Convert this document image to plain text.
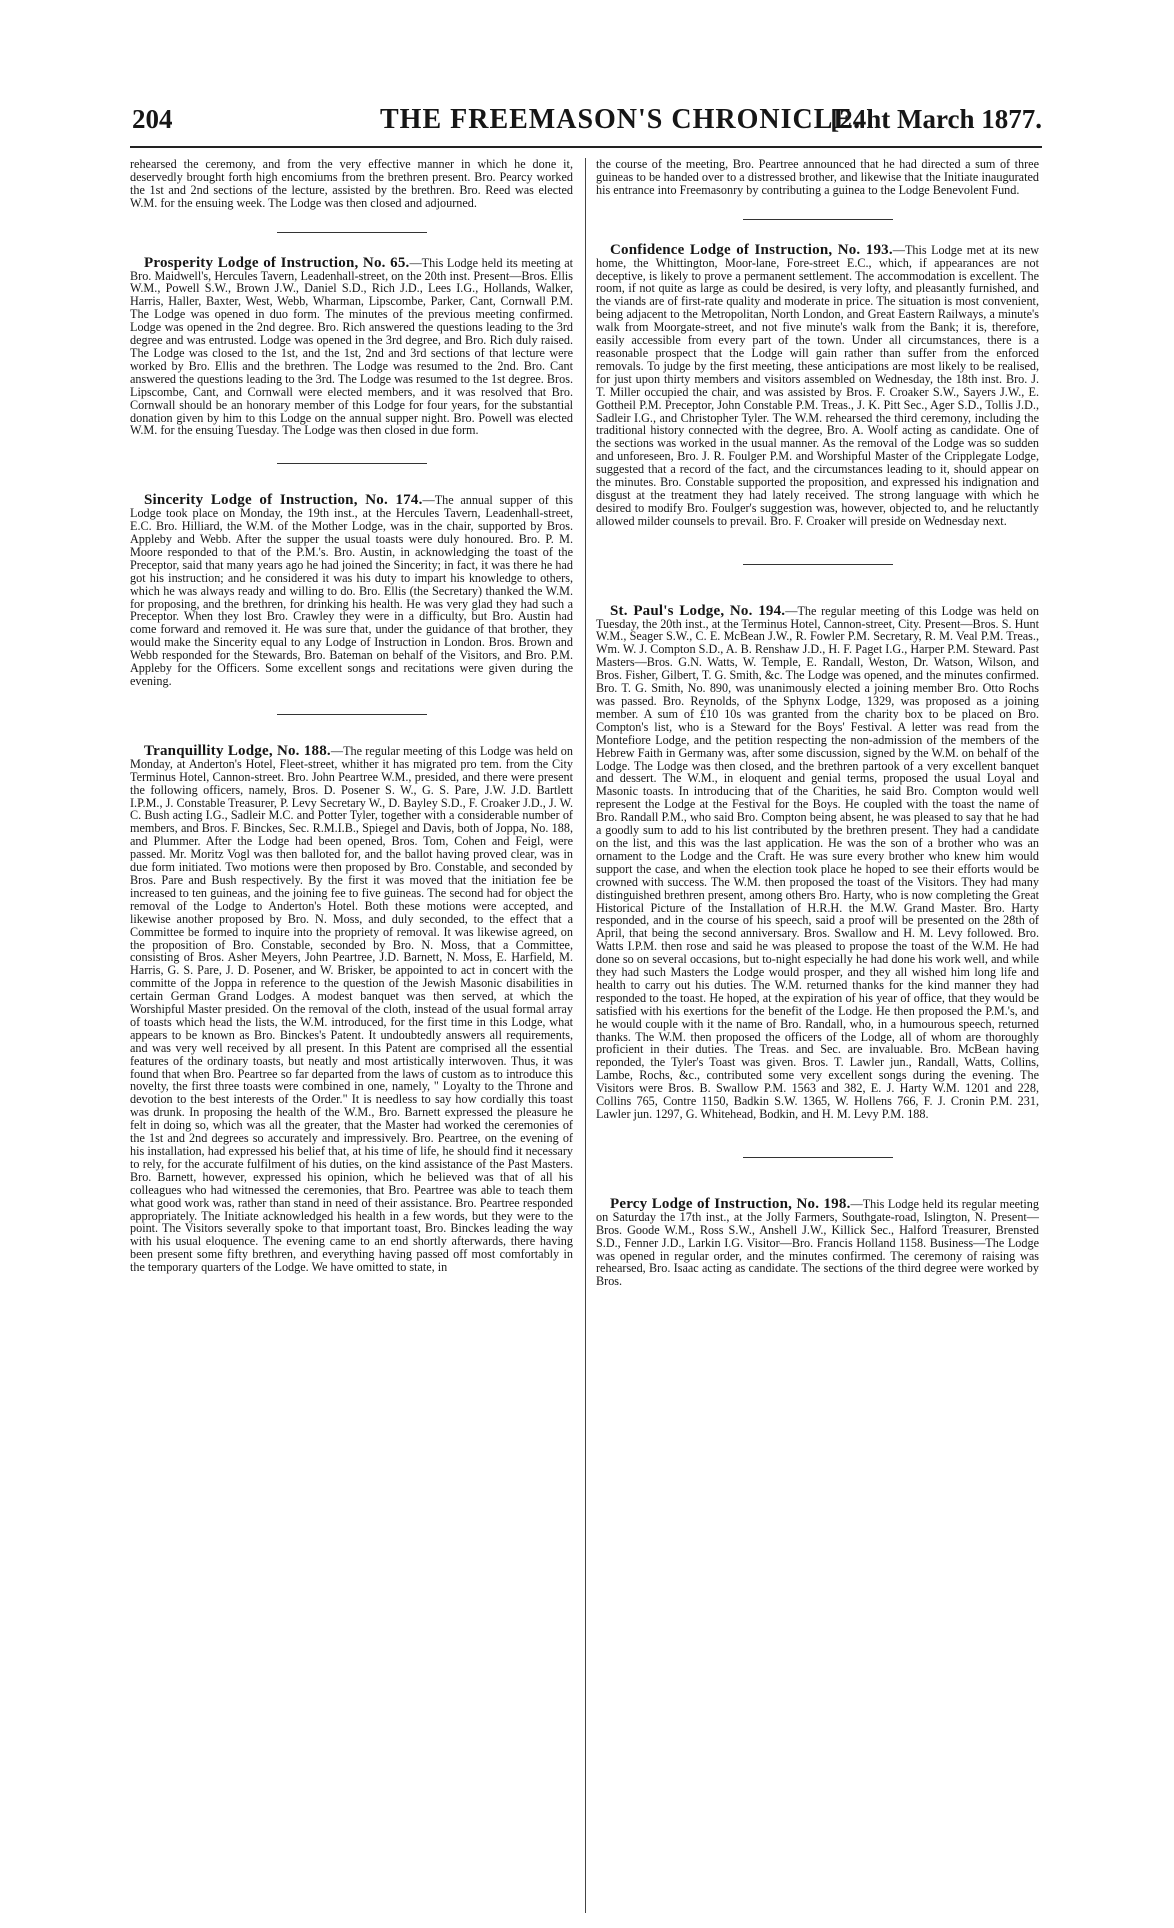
204	THE FREEMASON'S CHRONICLE.
[24ht March 1877.

rehearsed the ceremony, and from the very effective manner in which he done it, deservedly brought forth high encomiums from the brethren present. Bro. Pearcy worked the 1st and 2nd sections of the lecture, assisted by the brethren. Bro. Reed was elected W.M. for the ensuing week. The Lodge was then closed and adjourned.

Prosperity Lodge of Instruction, No. 65.—This Lodge held its meeting at Bro. Maidwell's, Hercules Tavern, Leadenhall-street, on the 20th inst. Present—Bros. Ellis W.M., Powell S.W., Brown J.W., Daniel S.D., Rich J.D., Lees I.G., Hollands, Walker, Harris, Haller, Baxter, West, Webb, Wharman, Lipscombe, Parker, Cant, Cornwall P.M. The Lodge was opened in duo form. The minutes of the previous meeting confirmed. Lodge was opened in the 2nd degree. Bro. Rich answered the questions leading to the 3rd degree and was entrusted. Lodge was opened in the 3rd degree, and Bro. Rich duly raised. The Lodge was closed to the 1st, and the 1st, 2nd and 3rd sections of that lecture were worked by Bro. Ellis and the brethren. The Lodge was resumed to the 2nd. Bro. Cant answered the questions leading to the 3rd. The Lodge was resumed to the 1st degree. Bros. Lipscombe, Cant, and Cornwall were elected members, and it was resolved that Bro. Cornwall should be an honorary member of this Lodge for four years, for the substantial donation given by him to this Lodge on the annual supper night. Bro. Powell was elected W.M. for the ensuing Tuesday. The Lodge was then closed in due form.

Sincerity Lodge of Instruction, No. 174.—The annual supper of this Lodge took place on Monday, the 19th inst., at the Hercules Tavern, Leadenhall-street, E.C. Bro. Hilliard, the W.M. of the Mother Lodge, was in the chair, supported by Bros. Appleby and Webb. After the supper the usual toasts were duly honoured. Bro. P. M. Moore responded to that of the P.M.'s. Bro. Austin, in acknowledging the toast of the Preceptor, said that many years ago he had joined the Sincerity; in fact, it was there he had got his instruction; and he considered it was his duty to impart his knowledge to others, which he was always ready and willing to do. Bro. Ellis (the Secretary) thanked the W.M. for proposing, and the brethren, for drinking his health. He was very glad they had such a Preceptor. When they lost Bro. Crawley they were in a difficulty, but Bro. Austin had come forward and removed it. He was sure that, under the guidance of that brother, they would make the Sincerity equal to any Lodge of Instruction in London. Bros. Brown and Webb responded for the Stewards, Bro. Bateman on behalf of the Visitors, and Bro. P.M. Appleby for the Officers. Some excellent songs and recitations were given during the evening.

Tranquillity Lodge, No. 188.—The regular meeting of this Lodge was held on Monday, at Anderton's Hotel, Fleet-street, whither it has migrated pro tem. from the City Terminus Hotel, Cannon-street. Bro. John Peartree W.M., presided, and there were present the following officers, namely, Bros. D. Posener S. W., G. S. Pare, J.W. J.D. Bartlett I.P.M., J. Constable Treasurer, P. Levy Secretary W., D. Bayley S.D., F. Croaker J.D., J. W. C. Bush acting I.G., Sadleir M.C. and Potter Tyler, together with a considerable number of members, and Bros. F. Binckes, Sec. R.M.I.B., Spiegel and Davis, both of Joppa, No. 188, and Plummer. After the Lodge had been opened, Bros. Tom, Cohen and Feigl, were passed. Mr. Moritz Vogl was then balloted for, and the ballot having proved clear, was in due form initiated. Two motions were then proposed by Bro. Constable, and seconded by Bros. Pare and Bush respectively. By the first it was moved that the initiation fee be increased to ten guineas, and the joining fee to five guineas. The second had for object the removal of the Lodge to Anderton's Hotel. Both these motions were accepted, and likewise another proposed by Bro. N. Moss, and duly seconded, to the effect that a Committee be formed to inquire into the propriety of removal. It was likewise agreed, on the proposition of Bro. Constable, seconded by Bro. N. Moss, that a Committee, consisting of Bros. Asher Meyers, John Peartree, J.D. Barnett, N. Moss, E. Harfield, M. Harris, G. S. Pare, J. D. Posener, and W. Brisker, be appointed to act in concert with the committe of the Joppa in reference to the question of the Jewish Masonic disabilities in certain German Grand Lodges. A modest banquet was then served, at which the Worshipful Master presided. On the removal of the cloth, instead of the usual formal array of toasts which head the lists, the W.M. introduced, for the first time in this Lodge, what appears to be known as Bro. Binckes's Patent. It undoubtedly answers all requirements, and was very well received by all present. In this Patent are comprised all the essential features of the ordinary toasts, but neatly and most artistically interwoven. Thus, it was found that when Bro. Peartree so far departed from the laws of custom as to introduce this novelty, the first three toasts were combined in one, namely, " Loyalty to the Throne and devotion to the best interests of the Order." It is needless to say how cordially this toast was drunk. In proposing the health of the W.M., Bro. Barnett expressed the pleasure he felt in doing so, which was all the greater, that the Master had worked the ceremonies of the 1st and 2nd degrees so accurately and impressively. Bro. Peartree, on the evening of his installation, had expressed his belief that, at his time of life, he should find it necessary to rely, for the accurate fulfilment of his duties, on the kind assistance of the Past Masters. Bro. Barnett, however, expressed his opinion, which he believed was that of all his colleagues who had witnessed the ceremonies, that Bro. Peartree was able to teach them what good work was, rather than stand in need of their assistance. Bro. Peartree responded appropriately. The Initiate acknowledged his health in a few words, but they were to the point. The Visitors severally spoke to that important toast, Bro. Binckes leading the way with his usual eloquence. The evening came to an end shortly afterwards, there having been present some fifty brethren, and everything having passed off most comfortably in the temporary quarters of the Lodge. We have omitted to state, in

the course of the meeting, Bro. Peartree announced that he had directed a sum of three guineas to be handed over to a distressed brother, and likewise that the Initiate inaugurated his entrance into Freemasonry by contributing a guinea to the Lodge Benevolent Fund.

Confidence Lodge of Instruction, No. 193.—This Lodge met at its new home, the Whittington, Moor-lane, Fore-street E.C., which, if appearances are not deceptive, is likely to prove a permanent settlement. The accommodation is excellent. The room, if not quite as large as could be desired, is very lofty, and pleasantly furnished, and the viands are of first-rate quality and moderate in price. The situation is most convenient, being adjacent to the Metropolitan, North London, and Great Eastern Railways, a minute's walk from Moorgate-street, and not five minute's walk from the Bank; it is, therefore, easily accessible from every part of the town. Under all circumstances, there is a reasonable prospect that the Lodge will gain rather than suffer from the enforced removals. To judge by the first meeting, these anticipations are most likely to be realised, for just upon thirty members and visitors assembled on Wednesday, the 18th inst. Bro. J. T. Miller occupied the chair, and was assisted by Bros. F. Croaker S.W., Sayers J.W., E. Gottheil P.M. Preceptor, John Constable P.M. Treas., J. K. Pitt Sec., Ager S.D., Tollis J.D., Sadleir I.G., and Christopher Tyler. The W.M. rehearsed the third ceremony, including the traditional history connected with the degree, Bro. A. Woolf acting as candidate. One of the sections was worked in the usual manner. As the removal of the Lodge was so sudden and unforeseen, Bro. J. R. Foulger P.M. and Worshipful Master of the Cripplegate Lodge, suggested that a record of the fact, and the circumstances leading to it, should appear on the minutes. Bro. Constable supported the proposition, and expressed his indignation and disgust at the treatment they had lately received. The strong language with which he desired to modify Bro. Foulger's suggestion was, however, objected to, and he reluctantly allowed milder counsels to prevail. Bro. F. Croaker will preside on Wednesday next.

St. Paul's Lodge, No. 194.—The regular meeting of this Lodge was held on Tuesday, the 20th inst., at the Terminus Hotel, Cannon-street, City. Present—Bros. S. Hunt W.M., Seager S.W., C. E. McBean J.W., R. Fowler P.M. Secretary, R. M. Veal P.M. Treas., Wm. W. J. Compton S.D., A. B. Renshaw J.D., H. F. Paget I.G., Harper P.M. Steward. Past Masters—Bros. G.N. Watts, W. Temple, E. Randall, Weston, Dr. Watson, Wilson, and Bros. Fisher, Gilbert, T. G. Smith, &c. The Lodge was opened, and the minutes confirmed. Bro. T. G. Smith, No. 890, was unanimously elected a joining member Bro. Otto Rochs was passed. Bro. Reynolds, of the Sphynx Lodge, 1329, was proposed as a joining member. A sum of £10 10s was granted from the charity box to be placed on Bro. Compton's list, who is a Steward for the Boys' Festival. A letter was read from the Montefiore Lodge, and the petition respecting the non-admission of the members of the Hebrew Faith in Germany was, after some discussion, signed by the W.M. on behalf of the Lodge. The Lodge was then closed, and the brethren partook of a very excellent banquet and dessert. The W.M., in eloquent and genial terms, proposed the usual Loyal and Masonic toasts. In introducing that of the Charities, he said Bro. Compton would well represent the Lodge at the Festival for the Boys. He coupled with the toast the name of Bro. Randall P.M., who said Bro. Compton being absent, he was pleased to say that he had a goodly sum to add to his list contributed by the brethren present. They had a candidate on the list, and this was the last application. He was the son of a brother who was an ornament to the Lodge and the Craft. He was sure every brother who knew him would support the case, and when the election took place he hoped to see their efforts would be crowned with success. The W.M. then proposed the toast of the Visitors. They had many distinguished brethren present, among others Bro. Harty, who is now completing the Great Historical Picture of the Installation of H.R.H. the M.W. Grand Master. Bro. Harty responded, and in the course of his speech, said a proof will be presented on the 28th of April, that being the second anniversary. Bros. Swallow and H. M. Levy followed. Bro. Watts I.P.M. then rose and said he was pleased to propose the toast of the W.M. He had done so on several occasions, but to-night especially he had done his work well, and while they had such Masters the Lodge would prosper, and they all wished him long life and health to carry out his duties. The W.M. returned thanks for the kind manner they had responded to the toast. He hoped, at the expiration of his year of office, that they would be satisfied with his exertions for the benefit of the Lodge. He then proposed the P.M.'s, and he would couple with it the name of Bro. Randall, who, in a humourous speech, returned thanks. The W.M. then proposed the officers of the Lodge, all of whom are thoroughly proficient in their duties. The Treas. and Sec. are invaluable. Bro. McBean having reponded, the Tyler's Toast was given. Bros. T. Lawler jun., Randall, Watts, Collins, Lambe, Rochs, &c., contributed some very excellent songs during the evening. The Visitors were Bros. B. Swallow P.M. 1563 and 382, E. J. Harty W.M. 1201 and 228, Collins 765, Contre 1150, Badkin S.W. 1365, W. Hollens 766, F. J. Cronin P.M. 231, Lawler jun. 1297, G. Whitehead, Bodkin, and H. M. Levy P.M. 188.

Percy Lodge of Instruction, No. 198.—This Lodge held its regular meeting on Saturday the 17th inst., at the Jolly Farmers, Southgate-road, Islington, N. Present—Bros. Goode W.M., Ross S.W., Anshell J.W., Killick Sec., Halford Treasurer, Brensted S.D., Fenner J.D., Larkin I.G. Visitor—Bro. Francis Holland 1158. Business—The Lodge was opened in regular order, and the minutes confirmed. The ceremony of raising was rehearsed, Bro. Isaac acting as candidate. The sections of the third degree were worked by Bros.
